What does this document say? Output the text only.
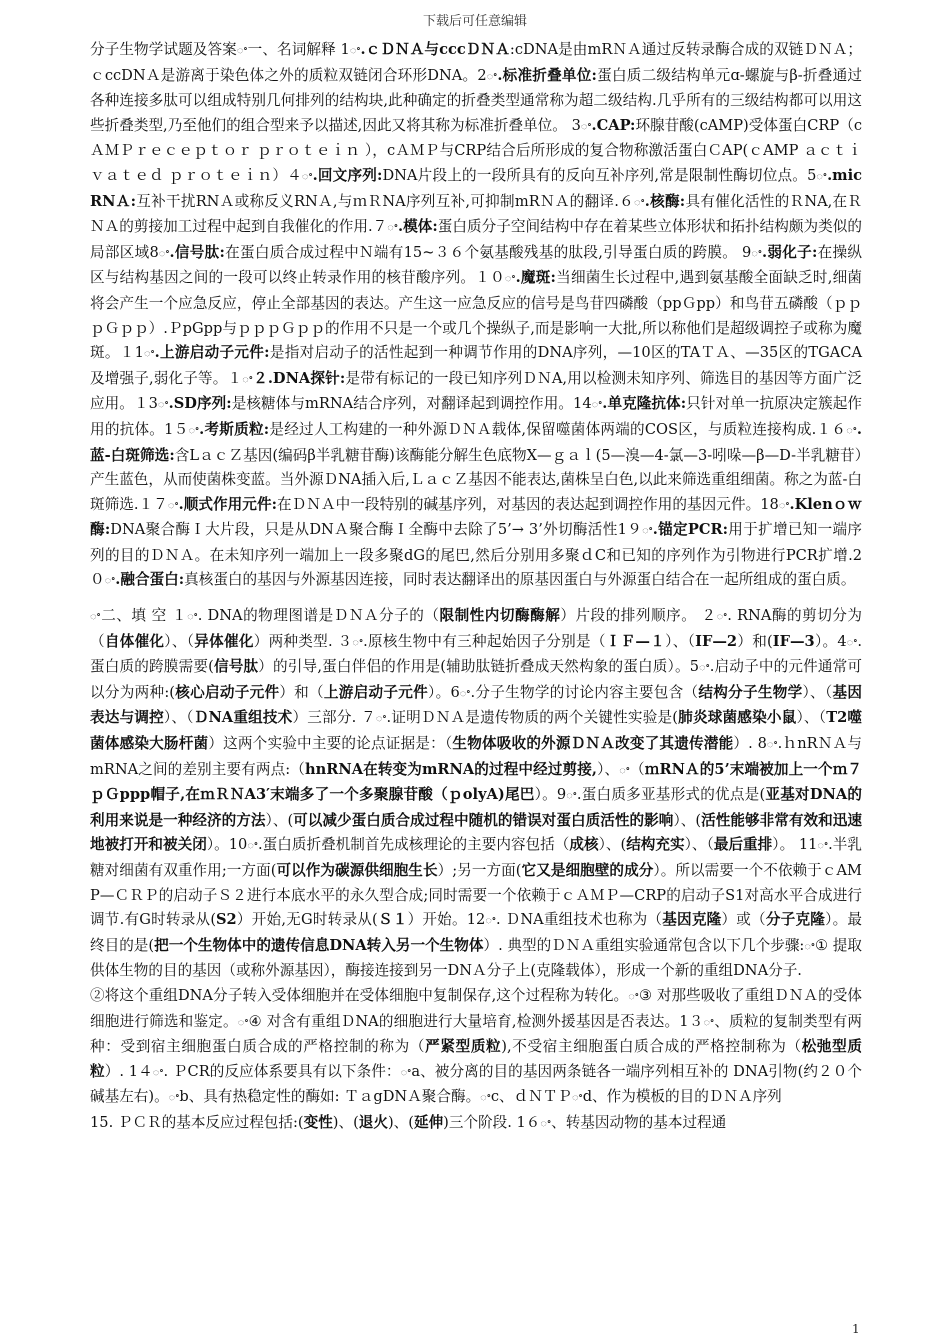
下载后可任意编辑

分子生物学试题及答案ꢀ一、名词解释 1ꢀ.ｃＤＮＡ与cccＤＮＡ:cDNA是由mRＮＡ通过反转录酶合成的双链ＤＮＡ；ｃccDNＡ是游离于染色体之外的质粒双链闭合环形DNA。2ꢀ.标准折叠单位:蛋白质二级结构单元ɑ-螺旋与β-折叠通过各种连接多肽可以组成特别几何排列的结构块,此种确定的折叠类型通常称为超二级结构.几乎所有的三级结构都可以用这些折叠类型,乃至他们的组合型来予以描述,因此又将其称为标准折叠单位。 3ꢀ.CAP:环腺苷酸(cAMP)受体蛋白CRP（cＡＭＰｒｅｃｅｐｔｏｒ ｐｒｏｔｅｉｎ ），cＡＭＰ与CRP结合后所形成的复合物称激活蛋白ＣAP(ｃAMP ａｃｔｉｖａｔｅｄ ｐｒｏｔｅｉｎ）４ꢀ.回文序列:DNA片段上的一段所具有的反向互补序列,常是限制性酶切位点。5ꢀ.micRNＡ:互补干扰RNＡ或称反义RNＡ,与ｍＲNA序列互补,可抑制mRＮＡ的翻译.６ꢀ.核酶:具有催化活性的ＲNA,在ＲＮＡ的剪接加工过程中起到自我催化的作用.７ꢀ.模体:蛋白质分子空间结构中存在着某些立体形状和拓扑结构颇为类似的局部区域8ꢀ.信号肽:在蛋白质合成过程中Ｎ端有15~３６个氨基酸残基的肽段,引导蛋白质的跨膜。 9ꢀ.弱化子:在操纵区与结构基因之间的一段可以终止转录作用的核苷酸序列。１０ꢀ.魔斑:当细菌生长过程中,遇到氨基酸全面缺乏时,细菌将会产生一个应急反应，停止全部基因的表达。产生这一应急反应的信号是鸟苷四磷酸（ppＧpp）和鸟苷五磷酸（ｐｐｐＧｐｐ）.ＰpGpp与ｐｐｐＧｐｐ的作用不只是一个或几个操纵子,而是影响一大批,所以称他们是超级调控子或称为魔斑。１1ꢀ.上游启动子元件:是指对启动子的活性起到一种调节作用的DNA序列，—10区的TAＴＡ、—35区的TGACA及增强子,弱化子等。１ꢀ２.DNA探针:是带有标记的一段已知序列ＤＮA,用以检测未知序列、筛选目的基因等方面广泛应用。１3ꢀ.SD序列:是核糖体与mRNA结合序列，对翻译起到调控作用。14ꢀ.单克隆抗体:只针对单一抗原决定簇起作用的抗体。1５ꢀ.考斯质粒:是经过人工构建的一种外源ＤＮＡ载体,保留噬菌体两端的COS区，与质粒连接构成.１６ꢀ.蓝-白斑筛选:含LａｃＺ基因(编码β半乳糖苷酶)该酶能分解生色底物X—ｇａｌ(5—溴—4-氯—3-吲哚—β—D-半乳糖苷）产生蓝色，从而使菌株变蓝。当外源ＤNA插入后,ＬａｃＺ基因不能表达,菌株呈白色,以此来筛选重组细菌。称之为蓝-白斑筛选.１７ꢀ.顺式作用元件:在ＤＮＡ中一段特别的碱基序列，对基因的表达起到调控作用的基因元件。18ꢀ.Klenｏｗ酶:DNA聚合酶Ｉ大片段，只是从DNＡ聚合酶Ｉ全酶中去除了5’→ 3’外切酶活性1９ꢀ.锚定PCR:用于扩增已知一端序列的目的ＤＮＡ。在未知序列一端加上一段多聚dG的尾巴,然后分别用多聚ｄC和已知的序列作为引物进行PCR扩增.2０ꢀ.融合蛋白:真核蛋白的基因与外源基因连接，同时表达翻译出的原基因蛋白与外源蛋白结合在一起所组成的蛋白质。

ꢀ二、填 空 １ꢀ. DNA的物理图谱是ＤＮＡ分子的（限制性内切酶酶解）片段的排列顺序。 ２ꢀ. RNA酶的剪切分为（自体催化）、（异体催化）两种类型. ３ꢀ.原核生物中有三种起始因子分别是（ＩＦ—１）、（IF—2）和(IF—3）。4ꢀ.蛋白质的跨膜需要(信号肽）的引导,蛋白伴侣的作用是(辅助肽链折叠成天然构象的蛋白质）。5ꢀ.启动子中的元件通常可以分为两种:(核心启动子元件）和（上游启动子元件）。6ꢀ.分子生物学的讨论内容主要包含（结构分子生物学）、（基因表达与调控）、（ＤNA重组技术）三部分. ７ꢀ.证明ＤＮＡ是遗传物质的两个关键性实验是(肺炎球菌感染小鼠）、（T2噬菌体感染大肠杆菌）这两个实验中主要的论点证据是：（生物体吸收的外源ＤＮＡ改变了其遗传潜能）. 8ꢀ.ｈnRＮＡ与mRNA之间的差别主要有两点:（hnRNA在转变为mRNA的过程中经过剪接,）、ꢀ（ｍRNＡ的5’末端被加上一个ｍ７ｐＧppp帽子,在ｍＲＮA3′末端多了一个多聚腺苷酸（ｐolyA)尾巴）。9ꢀ.蛋白质多亚基形式的优点是(亚基对DNA的利用来说是一种经济的方法）、(可以减少蛋白质合成过程中随机的错误对蛋白质活性的影响）、(活性能够非常有效和迅速地被打开和被关闭）。10ꢀ.蛋白质折叠机制首先成核理论的主要内容包括（成核）、(结构充实）、（最后重排）。 11ꢀ.半乳糖对细菌有双重作用;一方面(可以作为碳源供细胞生长）;另一方面(它又是细胞壁的成分）。所以需要一个不依赖于ｃAMP—ＣＲＰ的启动子Ｓ２进行本底水平的永久型合成;同时需要一个依赖于ｃＡＭＰ—CRP的启动子S1对高水平合成进行调节.有G时转录从(S2）开始,无G时转录从(Ｓ１）开始。12ꢀ. ＤNA重组技术也称为（基因克隆）或（分子克隆）。最终目的是(把一个生物体中的遗传信息DNA转入另一个生物体）. 典型的ＤＮＡ重组实验通常包含以下几个步骤:ꢀ① 提取供体生物的目的基因（或称外源基因），酶接连接到另一DNＡ分子上(克隆载体），形成一个新的重组DNA分子.

②将这个重组DNA分子转入受体细胞并在受体细胞中复制保存,这个过程称为转化。ꢀ③ 对那些吸收了重组ＤＮＡ的受体细胞进行筛选和鉴定。ꢀ④ 对含有重组ＤNA的细胞进行大量培育,检测外援基因是否表达。1３ꢀ、质粒的复制类型有两种：受到宿主细胞蛋白质合成的严格控制的称为（严紧型质粒),不受宿主细胞蛋白质合成的严格控制称为（松弛型质粒）. 1４ꢀ. ＰCR的反应体系要具有以下条件：ꢀa、被分离的目的基因两条链各一端序列相互补的 DNA引物(约２０个碱基左右)。ꢀb、具有热稳定性的酶如: ＴａgDNＡ聚合酶。ꢀc、ｄＮＴＰꢀd、作为模板的目的ＤＮＡ序列

15. ＰＣＲ的基本反应过程包括:(变性)、(退火)、(延伸)三个阶段. 1６ꢀ、转基因动物的基本过程通

1
